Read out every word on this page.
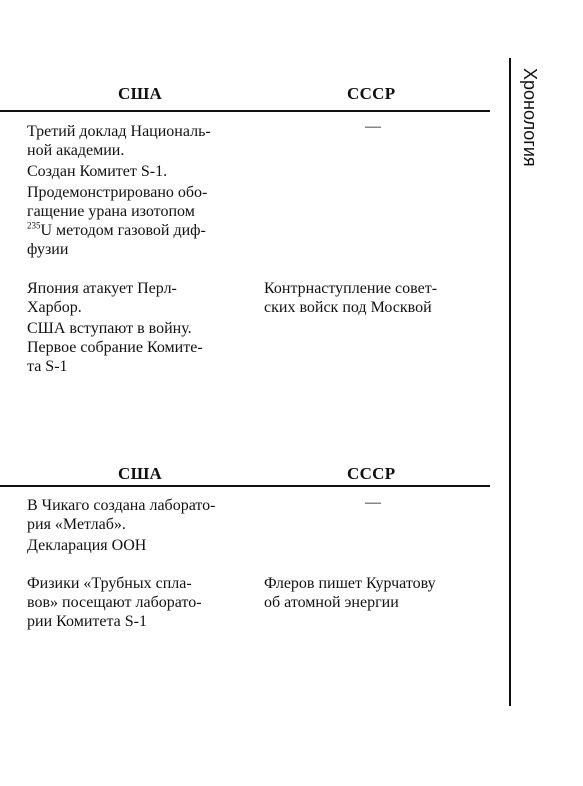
США	СССР

Третий доклад Националь-
ной академии.

Создан Комитет S-1.

Продемонстрировано обо-
гащение урана изотопом
$^{235}$U методом газовой диф-
фузии

—

Япония атакует Перл-
Харбор.

США вступают в войну.
Первое собрание Комите-
та S-1

Контрнаступление совет-
ских войск под Москвой

США	СССР

В Чикаго создана лаборато-
рия «Метлаб».

Декларация ООН

—

Физики «Трубных спла-
вов» посещают лаборато-
рии Комитета S-1

Флеров пишет Курчатову
об атомной энергии

Хронология
